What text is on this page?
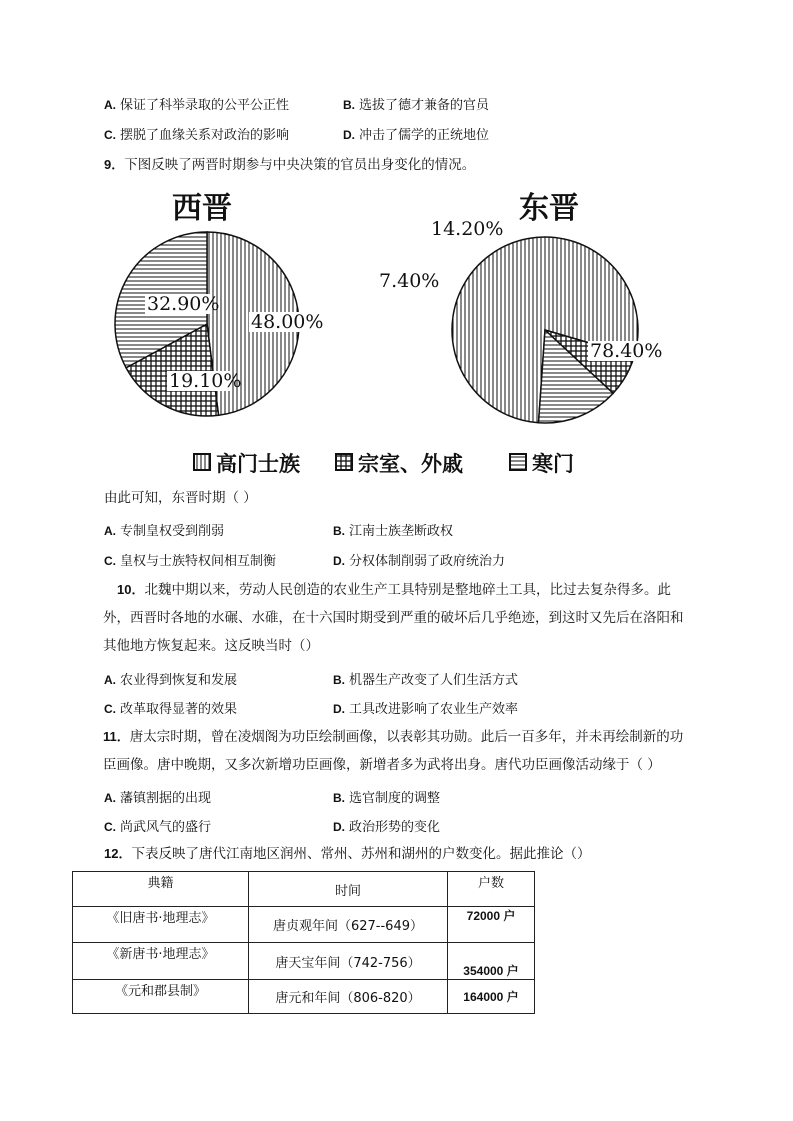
A. 保证了科举录取的公平公正性	B. 选拔了德才兼备的官员
C. 摆脱了血缘关系对政治的影响	D. 冲击了儒学的正统地位
9．下图反映了两晋时期参与中央决策的官员出身变化的情况。
西晋	东晋
48.00%
19.10%
32.90%
78.40%
7.40%
14.20%
高门士族	宗室、外戚	寒门
由此可知，东晋时期（ ）
A. 专制皇权受到削弱	B. 江南士族垄断政权
C. 皇权与士族特权间相互制衡	D. 分权体制削弱了政府统治力
10．北魏中期以来，劳动人民创造的农业生产工具特别是整地碎土工具，比过去复杂得多。此外，西晋时各地的水碾、水碓，在十六国时期受到严重的破坏后几乎绝迹，到这时又先后在洛阳和其他地方恢复起来。这反映当时（）
A. 农业得到恢复和发展	B. 机器生产改变了人们生活方式
C. 改革取得显著的效果	D. 工具改进影响了农业生产效率
11．唐太宗时期，曾在凌烟阁为功臣绘制画像，以表彰其功勋。此后一百多年，并未再绘制新的功臣画像。唐中晚期，又多次新增功臣画像，新增者多为武将出身。唐代功臣画像活动缘于（ ）
A. 藩镇割据的出现	B. 选官制度的调整
C. 尚武风气的盛行	D. 政治形势的变化
12．下表反映了唐代江南地区润州、常州、苏州和湖州的户数变化。据此推论（）
典籍	时间	户数
《旧唐书·地理志》	唐贞观年间（627--649）	72000 户
《新唐书·地理志》	唐天宝年间（742-756）	354000 户
《元和郡县制》	唐元和年间（806-820）	164000 户
